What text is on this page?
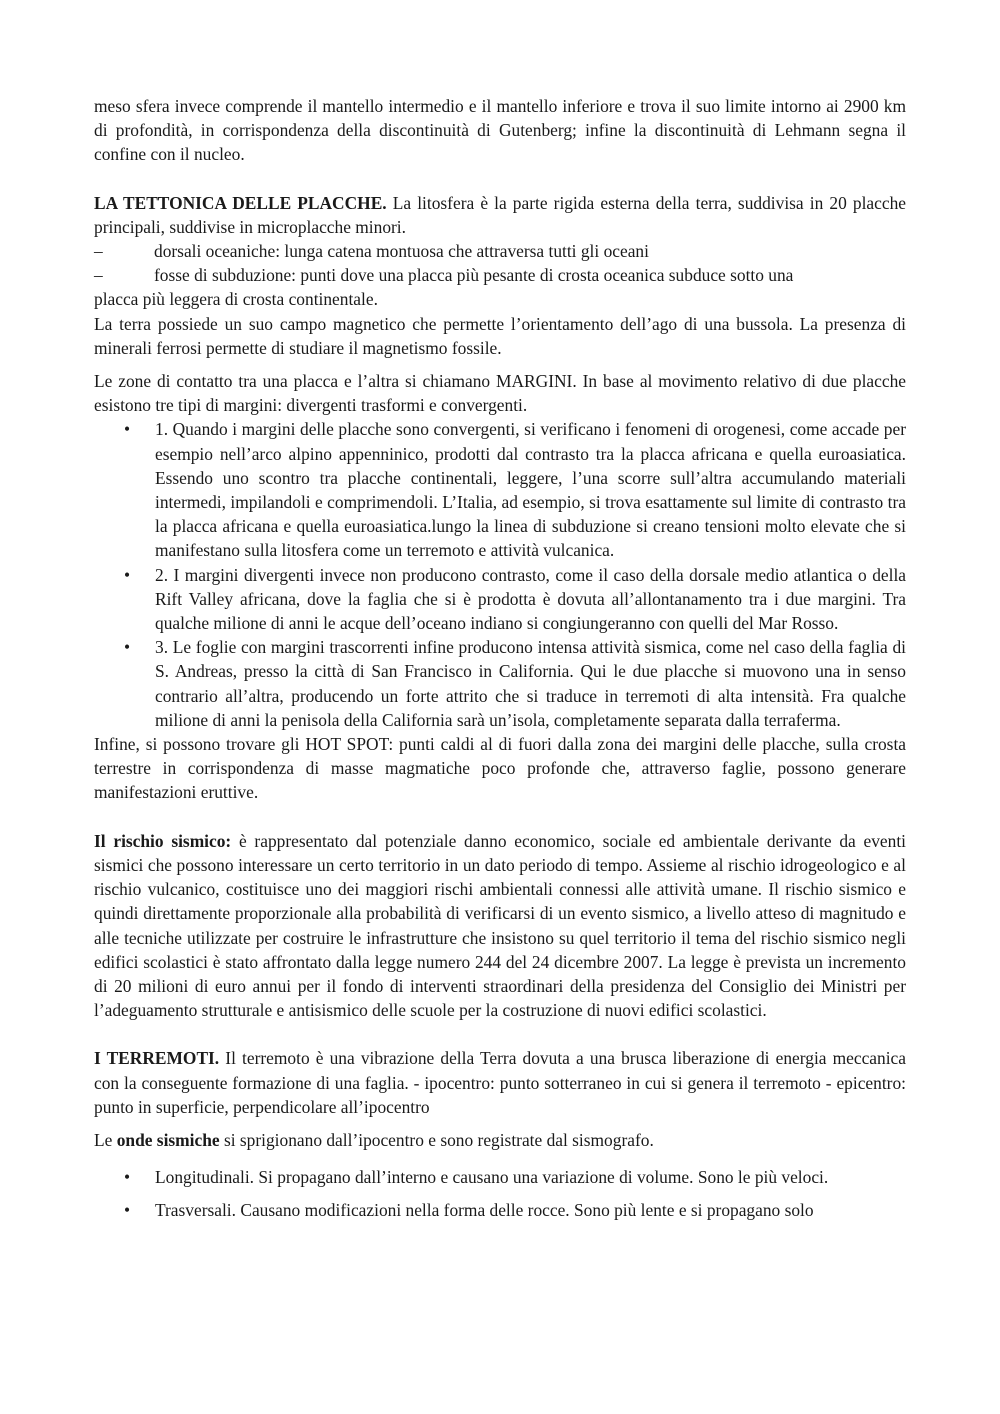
meso sfera invece comprende il mantello intermedio e il mantello inferiore e trova il suo limite intorno ai 2900 km di profondità, in corrispondenza della discontinuità di Gutenberg; infine la discontinuità di Lehmann segna il confine con il nucleo.

LA TETTONICA DELLE PLACCHE. La litosfera è la parte rigida esterna della terra, suddivisa in 20 placche principali, suddivise in microplacche minori.

–	dorsali oceaniche: lunga catena montuosa che attraversa tutti gli oceani
–	fosse di subduzione: punti dove una placca più pesante di crosta oceanica subduce sotto una

placca più leggera di crosta continentale.

La terra possiede un suo campo magnetico che permette l’orientamento dell’ago di una bussola. La presenza di minerali ferrosi permette di studiare il magnetismo fossile.

Le zone di contatto tra una placca e l’altra si chiamano MARGINI. In base al movimento relativo di due placche esistono tre tipi di margini: divergenti trasformi e convergenti.

• 1. Quando i margini delle placche sono convergenti, si verificano i fenomeni di orogenesi, come accade per esempio nell’arco alpino appenninico, prodotti dal contrasto tra la placca africana e quella euroasiatica. Essendo uno scontro tra placche continentali, leggere, l’una scorre sull’altra accumulando materiali intermedi, impilandoli e comprimendoli. L’Italia, ad esempio, si trova esattamente sul limite di contrasto tra la placca africana e quella euroasiatica.lungo la linea di subduzione si creano tensioni molto elevate che si manifestano sulla litosfera come un terremoto e attività vulcanica.
• 2. I margini divergenti invece non producono contrasto, come il caso della dorsale medio atlantica o della Rift Valley africana, dove la faglia che si è prodotta è dovuta all’allontanamento tra i due margini. Tra qualche milione di anni le acque dell’oceano indiano si congiungeranno con quelli del Mar Rosso.
• 3. Le foglie con margini trascorrenti infine producono intensa attività sismica, come nel caso della faglia di S. Andreas, presso la città di San Francisco in California. Qui le due placche si muovono una in senso contrario all’altra, producendo un forte attrito che si traduce in terremoti di alta intensità. Fra qualche milione di anni la penisola della California sarà un’isola, completamente separata dalla terraferma.

Infine, si possono trovare gli HOT SPOT: punti caldi al di fuori dalla zona dei margini delle placche, sulla crosta terrestre in corrispondenza di masse magmatiche poco profonde che, attraverso faglie, possono generare manifestazioni eruttive.

Il rischio sismico: è rappresentato dal potenziale danno economico, sociale ed ambientale derivante da eventi sismici che possono interessare un certo territorio in un dato periodo di tempo. Assieme al rischio idrogeologico e al rischio vulcanico, costituisce uno dei maggiori rischi ambientali connessi alle attività umane. Il rischio sismico e quindi direttamente proporzionale alla probabilità di verificarsi di un evento sismico, a livello atteso di magnitudo e alle tecniche utilizzate per costruire le infrastrutture che insistono su quel territorio il tema del rischio sismico negli edifici scolastici è stato affrontato dalla legge numero 244 del 24 dicembre 2007. La legge è prevista un incremento di 20 milioni di euro annui per il fondo di interventi straordinari della presidenza del Consiglio dei Ministri per l’adeguamento strutturale e antisismico delle scuole per la costruzione di nuovi edifici scolastici.

I TERREMOTI. Il terremoto è una vibrazione della Terra dovuta a una brusca liberazione di energia meccanica con la conseguente formazione di una faglia. - ipocentro: punto sotterraneo in cui si genera il terremoto - epicentro: punto in superficie, perpendicolare all’ipocentro

Le onde sismiche si sprigionano dall’ipocentro e sono registrate dal sismografo.

• Longitudinali. Si propagano dall’interno e causano una variazione di volume. Sono le più veloci.
• Trasversali. Causano modificazioni nella forma delle rocce. Sono più lente e si propagano solo
